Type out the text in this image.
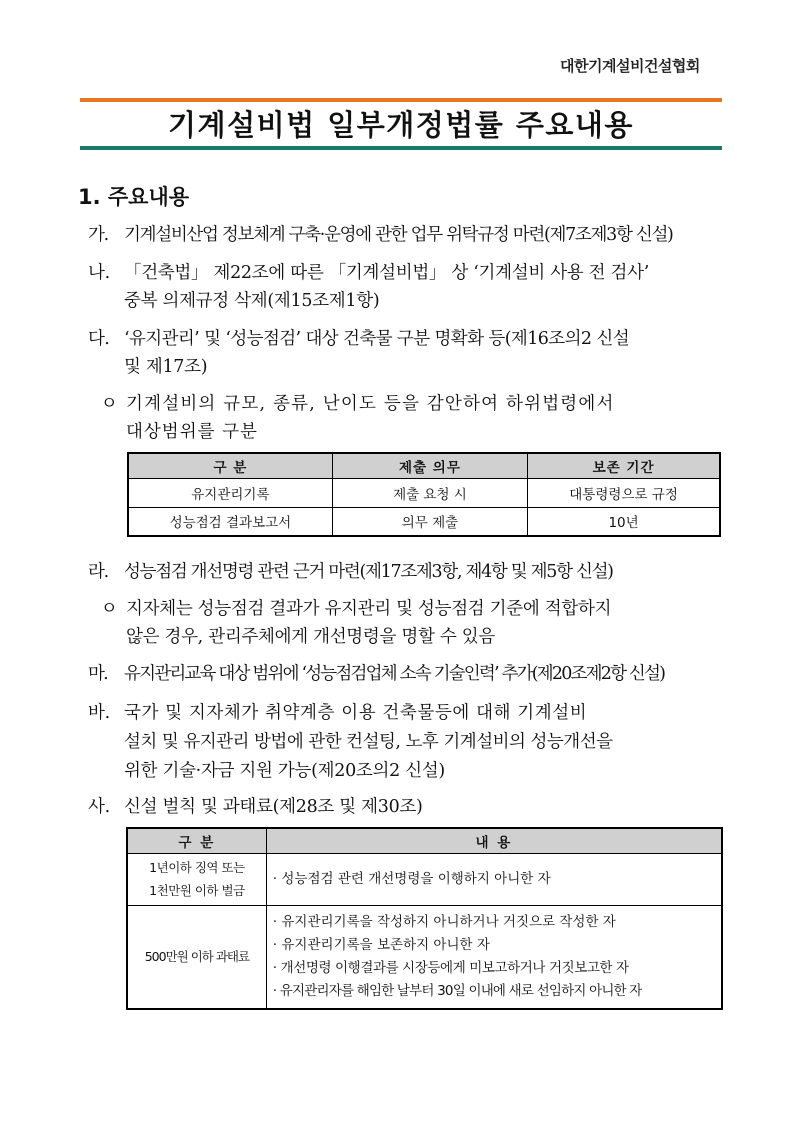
대한기계설비건설협회
기계설비법 일부개정법률 주요내용
1. 주요내용
가. 기계설비산업 정보체계 구축·운영에 관한 업무 위탁규정 마련(제7조제3항 신설)
나. 「건축법」 제22조에 따른 「기계설비법」 상 ‘기계설비 사용 전 검사’
중복 의제규정 삭제(제15조제1항)
다. ‘유지관리’ 및 ‘성능점검’ 대상 건축물 구분 명확화 등(제16조의2 신설
및 제17조)
ㅇ 기계설비의 규모, 종류, 난이도 등을 감안하여 하위법령에서
대상범위를 구분
구 분	제출 의무	보존 기간
유지관리기록	제출 요청 시	대통령령으로 규정
성능점검 결과보고서	의무 제출	10년
라. 성능점검 개선명령 관련 근거 마련(제17조제3항, 제4항 및 제5항 신설)
ㅇ 지자체는 성능점검 결과가 유지관리 및 성능점검 기준에 적합하지
않은 경우, 관리주체에게 개선명령을 명할 수 있음
마. 유지관리교육 대상 범위에 ‘성능점검업체 소속 기술인력’ 추가(제20조제2항 신설)
바. 국가 및 지자체가 취약계층 이용 건축물등에 대해 기계설비
설치 및 유지관리 방법에 관한 컨설팅, 노후 기계설비의 성능개선을
위한 기술·자금 지원 가능(제20조의2 신설)
사. 신설 벌칙 및 과태료(제28조 및 제30조)
구 분	내 용

1년이하 징역 또는
1천만원 이하 벌금	· 성능점검 관련 개선명령을 이행하지 아니한 자
500만원 이하 과태료	· 유지관리기록을 작성하지 아니하거나 거짓으로 작성한 자
· 유지관리기록을 보존하지 아니한 자
· 개선명령 이행결과를 시장등에게 미보고하거나 거짓보고한 자
· 유지관리자를 해임한 날부터 30일 이내에 새로 선임하지 아니한 자
